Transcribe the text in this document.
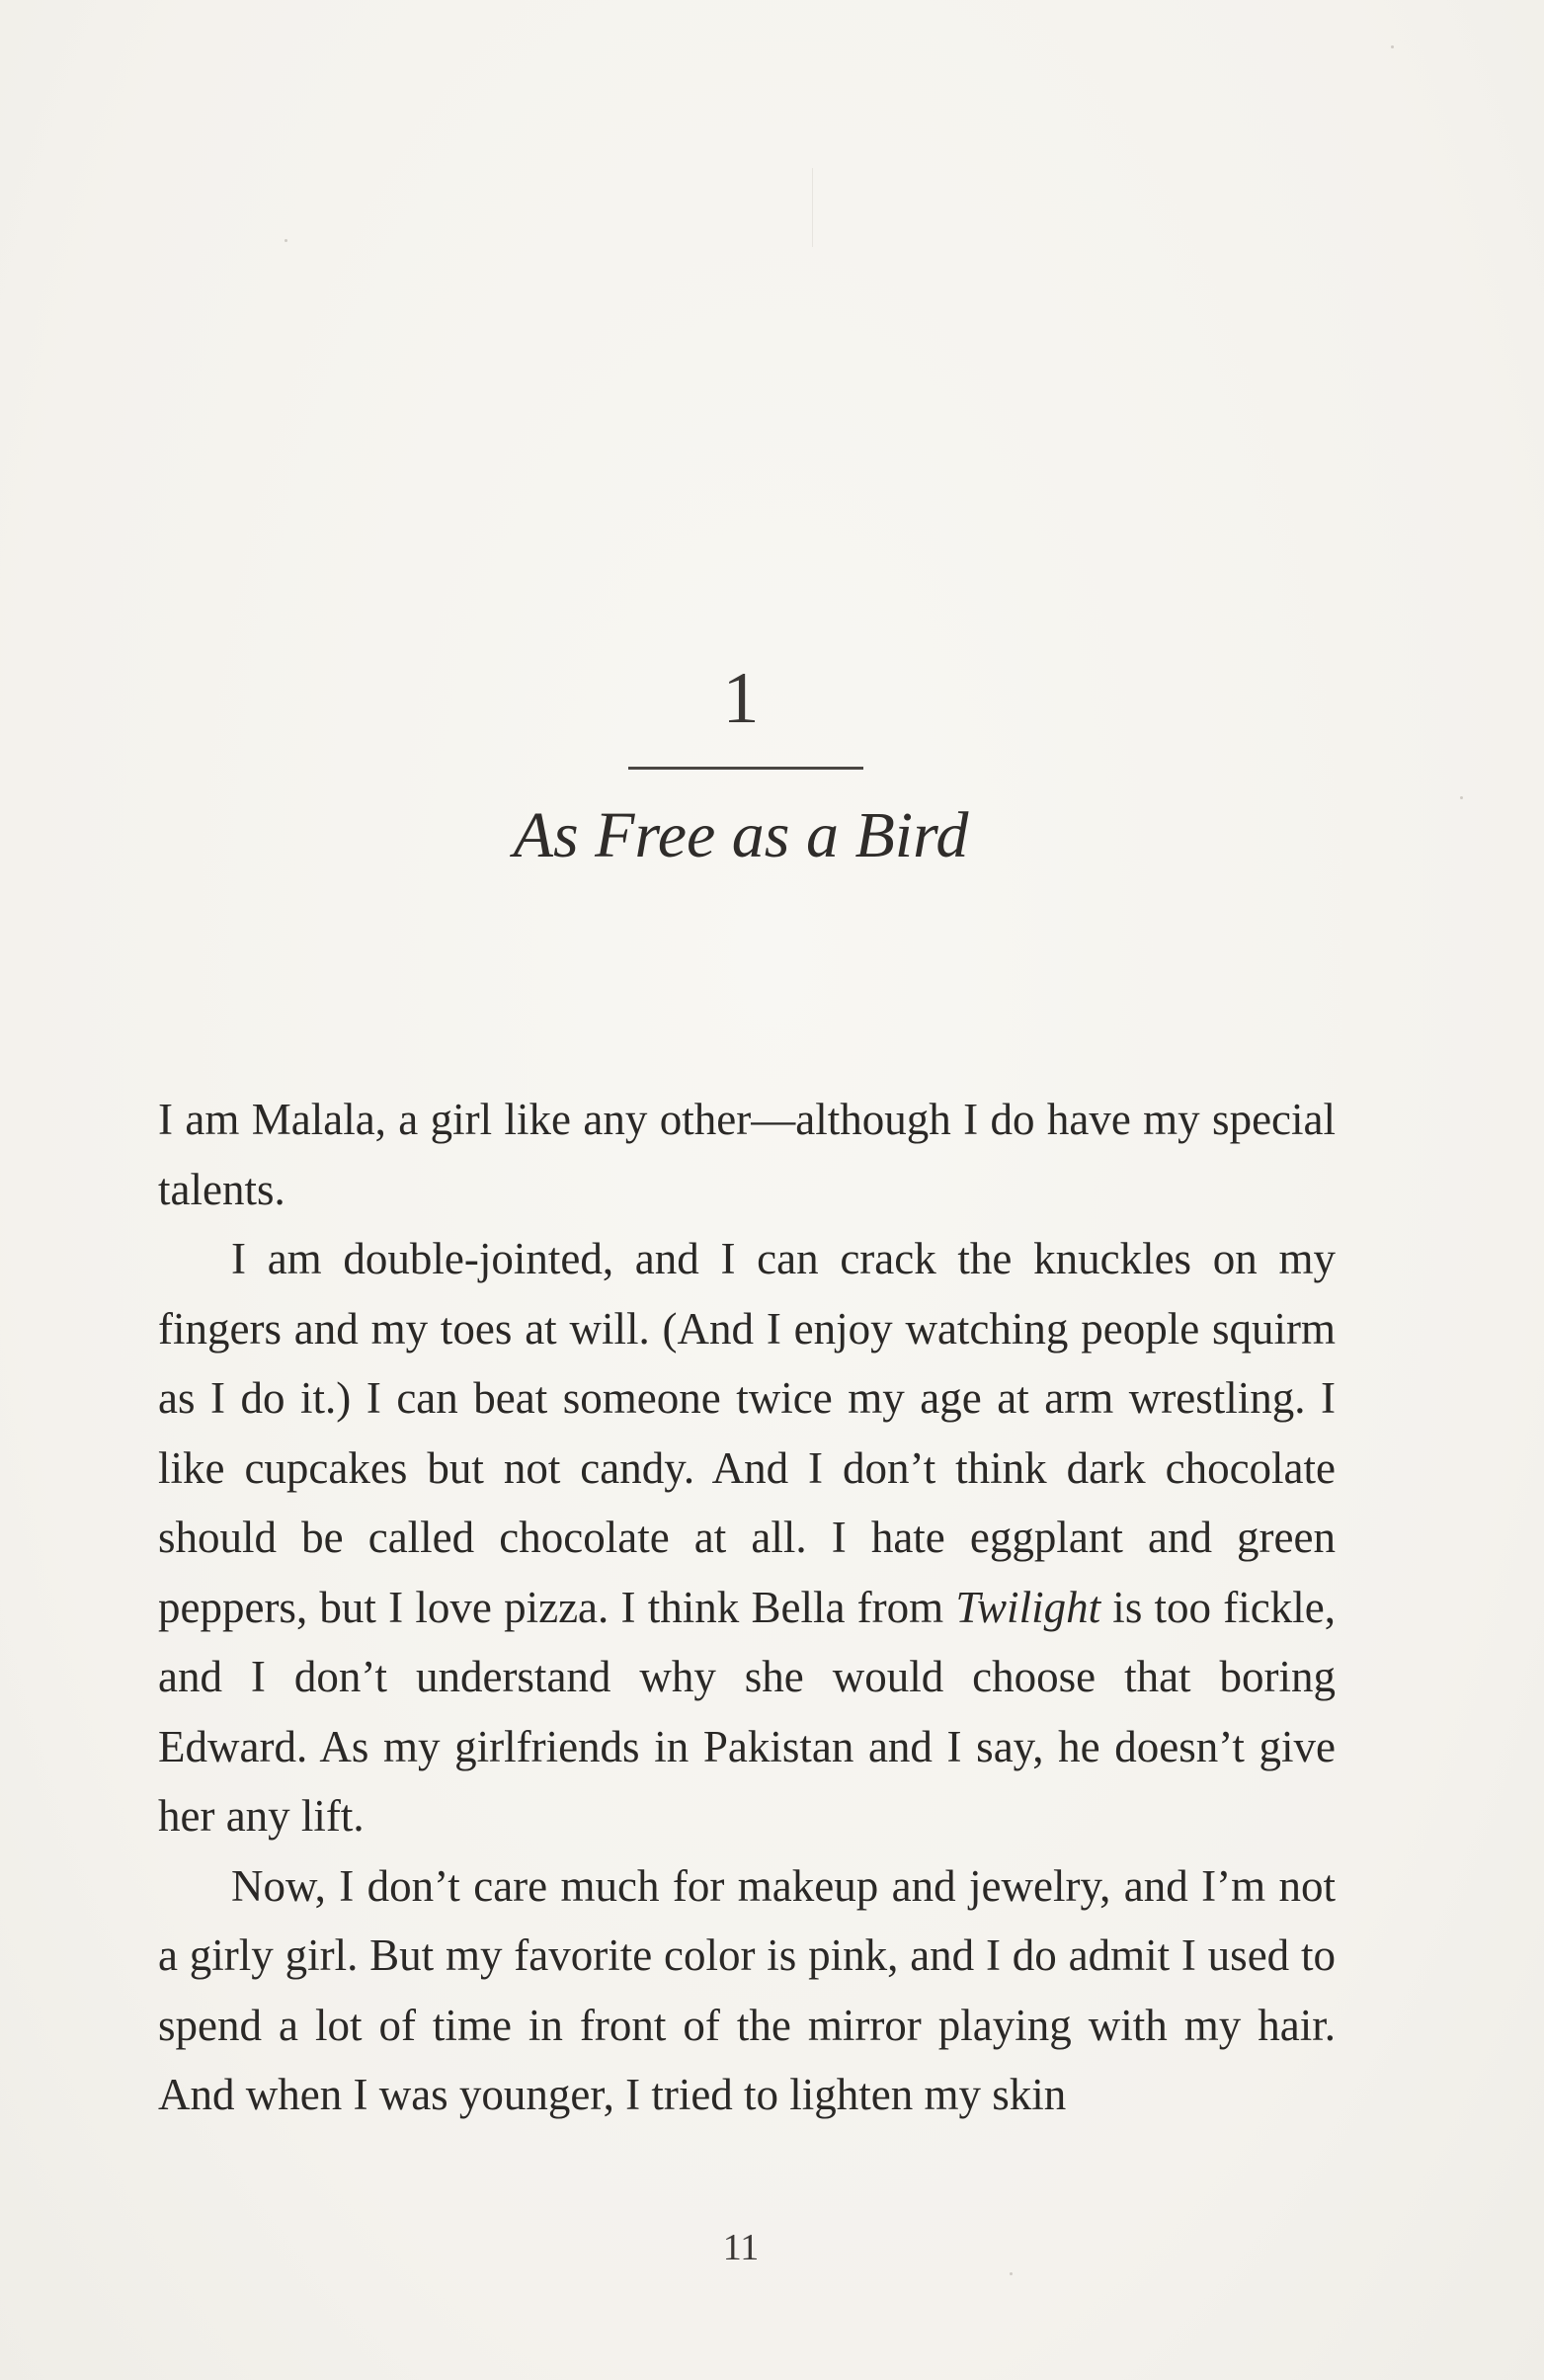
1
As Free as a Bird

I am Malala, a girl like any other—although I do have my special talents.

I am double-jointed, and I can crack the knuckles on my fingers and my toes at will. (And I enjoy watching people squirm as I do it.) I can beat someone twice my age at arm wrestling. I like cupcakes but not candy. And I don’t think dark chocolate should be called chocolate at all. I hate eggplant and green peppers, but I love pizza. I think Bella from Twilight is too fickle, and I don’t understand why she would choose that boring Edward. As my girlfriends in Pakistan and I say, he doesn’t give her any lift.

Now, I don’t care much for makeup and jewelry, and I’m not a girly girl. But my favorite color is pink, and I do admit I used to spend a lot of time in front of the mirror playing with my hair. And when I was younger, I tried to lighten my skin

11
